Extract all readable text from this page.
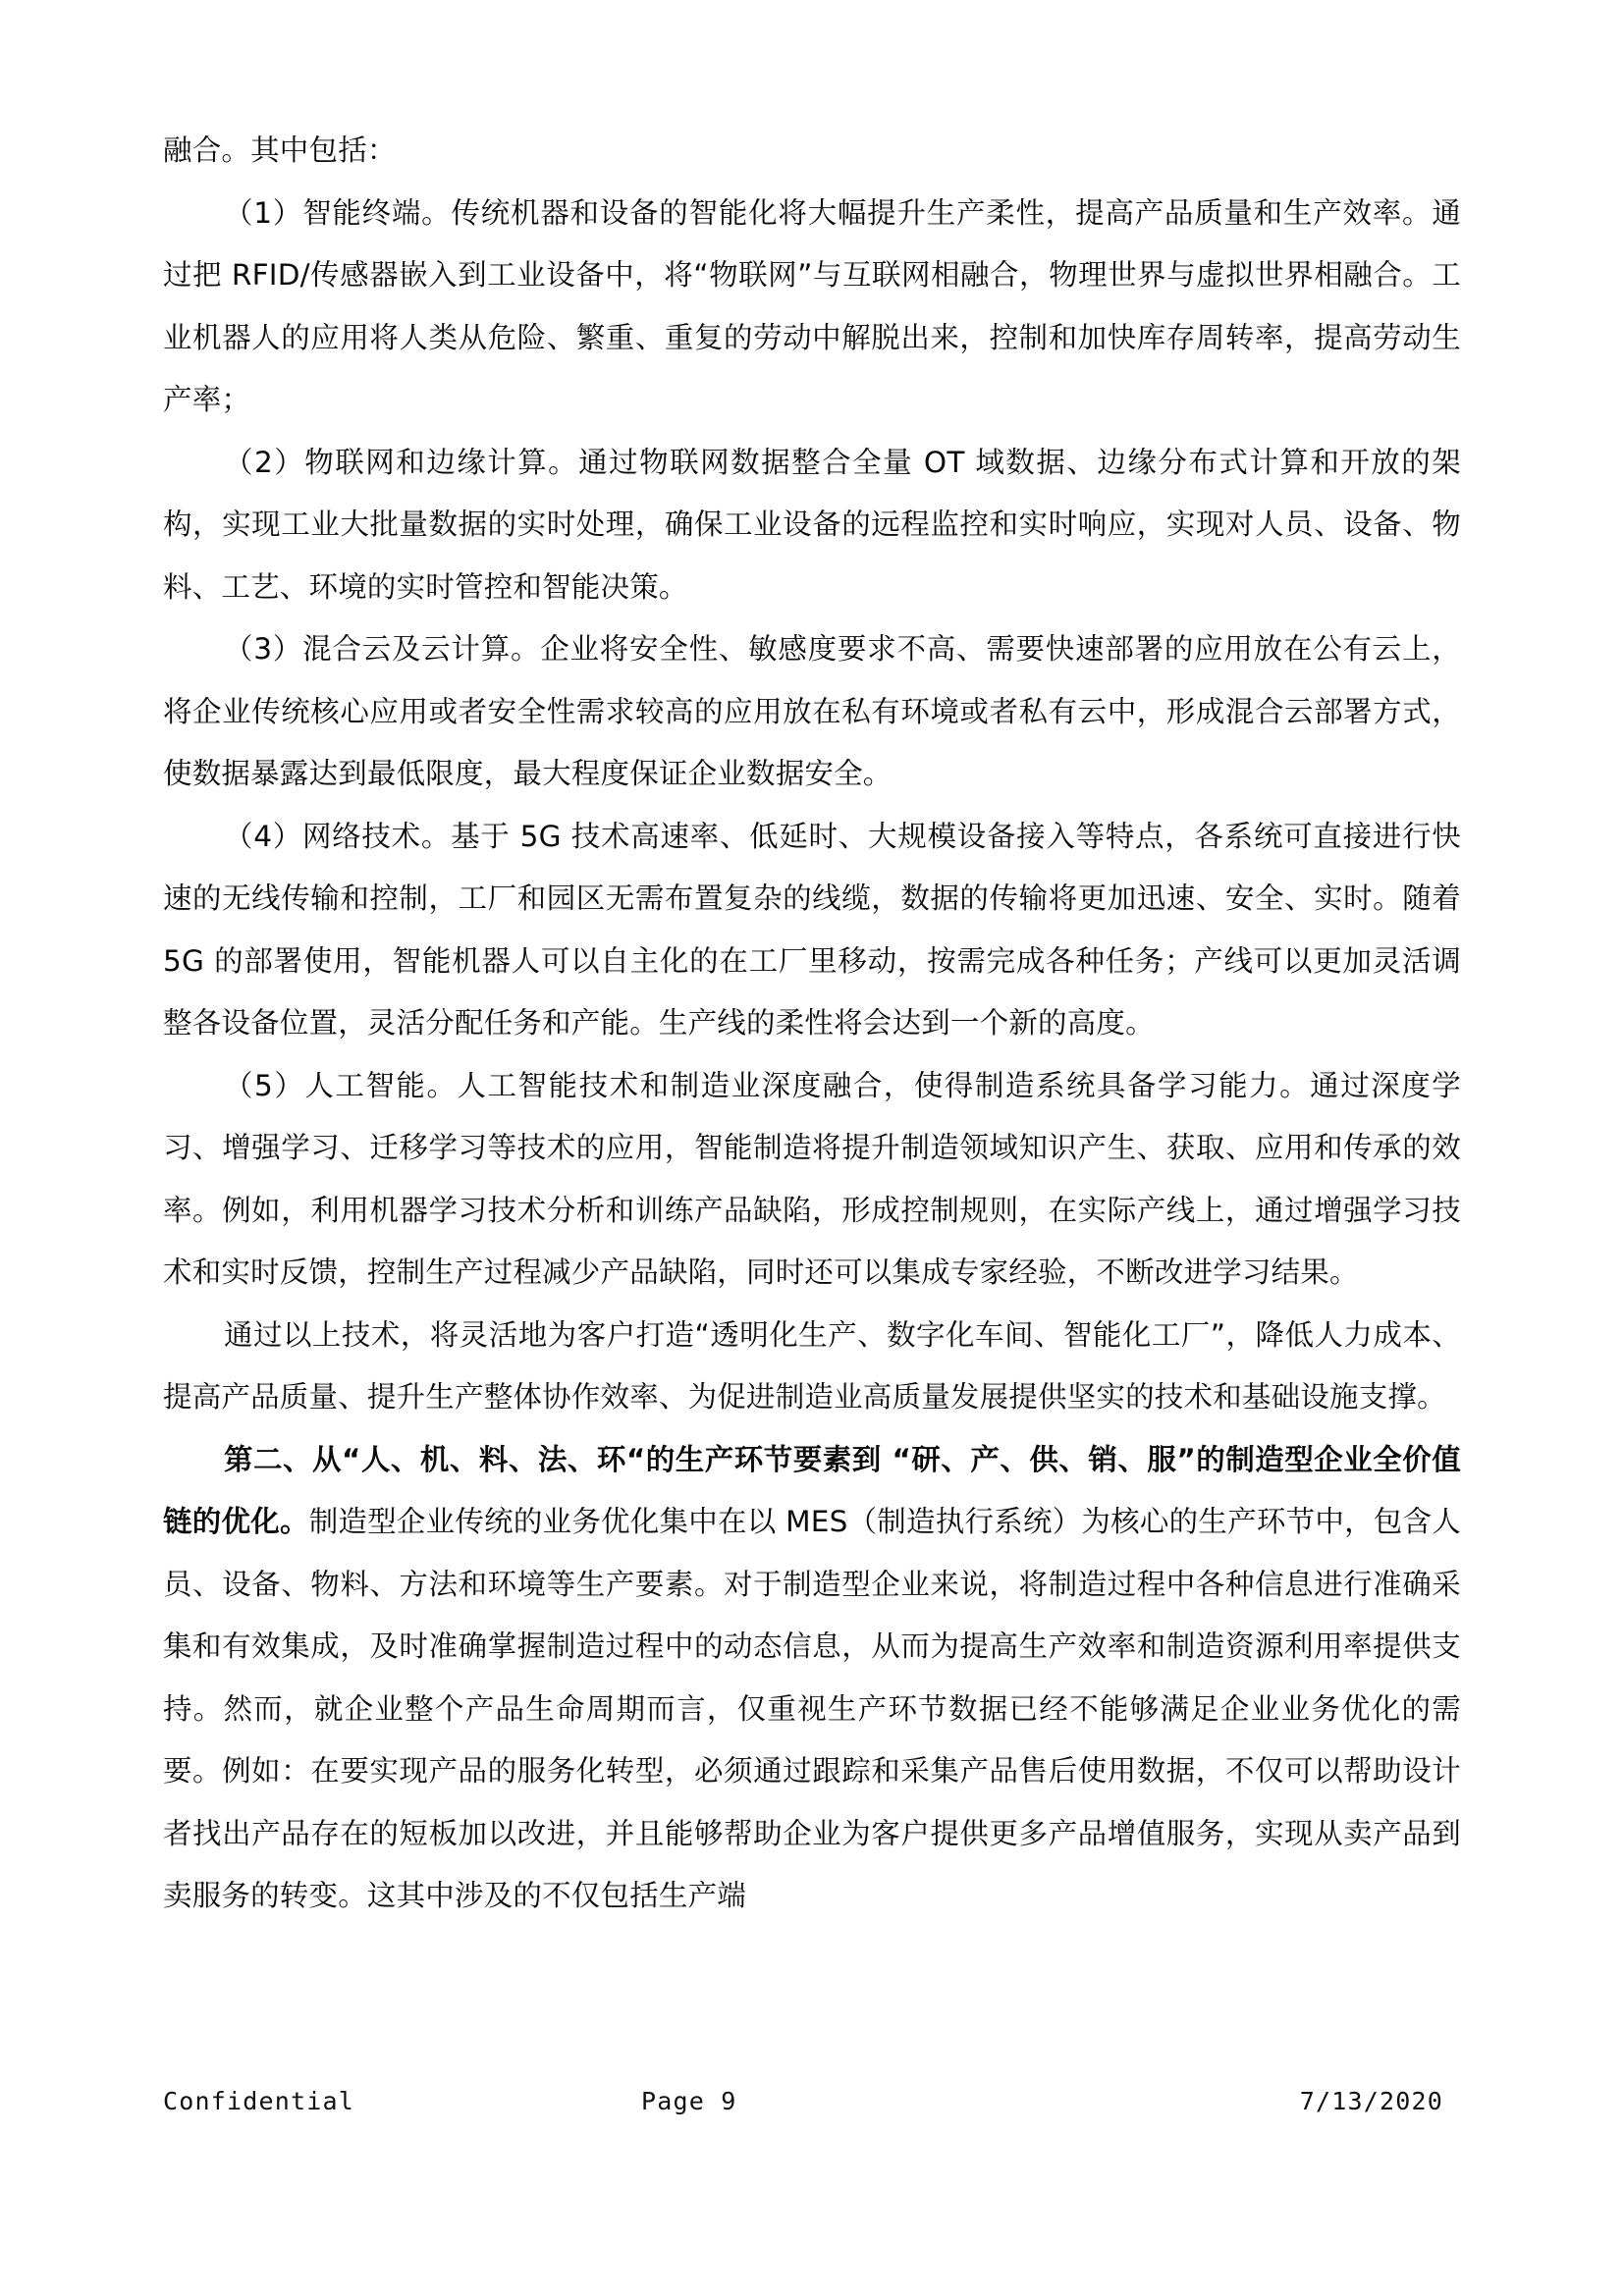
融合。其中包括：

（1）智能终端。传统机器和设备的智能化将大幅提升生产柔性，提高产品质量和生产效率。通过把 RFID/传感器嵌入到工业设备中，将“物联网”与互联网相融合，物理世界与虚拟世界相融合。工业机器人的应用将人类从危险、繁重、重复的劳动中解脱出来，控制和加快库存周转率，提高劳动生产率；

（2）物联网和边缘计算。通过物联网数据整合全量 OT 域数据、边缘分布式计算和开放的架构，实现工业大批量数据的实时处理，确保工业设备的远程监控和实时响应，实现对人员、设备、物料、工艺、环境的实时管控和智能决策。

（3）混合云及云计算。企业将安全性、敏感度要求不高、需要快速部署的应用放在公有云上，将企业传统核心应用或者安全性需求较高的应用放在私有环境或者私有云中，形成混合云部署方式，使数据暴露达到最低限度，最大程度保证企业数据安全。

（4）网络技术。基于 5G 技术高速率、低延时、大规模设备接入等特点，各系统可直接进行快速的无线传输和控制，工厂和园区无需布置复杂的线缆，数据的传输将更加迅速、安全、实时。随着 5G 的部署使用，智能机器人可以自主化的在工厂里移动，按需完成各种任务；产线可以更加灵活调整各设备位置，灵活分配任务和产能。生产线的柔性将会达到一个新的高度。

（5）人工智能。人工智能技术和制造业深度融合，使得制造系统具备学习能力。通过深度学习、增强学习、迁移学习等技术的应用，智能制造将提升制造领域知识产生、获取、应用和传承的效率。例如，利用机器学习技术分析和训练产品缺陷，形成控制规则，在实际产线上，通过增强学习技术和实时反馈，控制生产过程减少产品缺陷，同时还可以集成专家经验，不断改进学习结果。

通过以上技术，将灵活地为客户打造“透明化生产、数字化车间、智能化工厂”，降低人力成本、提高产品质量、提升生产整体协作效率、为促进制造业高质量发展提供坚实的技术和基础设施支撑。

第二、从“人、机、料、法、环“的生产环节要素到 “研、产、供、销、服”的制造型企业全价值链的优化。制造型企业传统的业务优化集中在以 MES（制造执行系统）为核心的生产环节中，包含人员、设备、物料、方法和环境等生产要素。对于制造型企业来说，将制造过程中各种信息进行准确采集和有效集成，及时准确掌握制造过程中的动态信息，从而为提高生产效率和制造资源利用率提供支持。然而，就企业整个产品生命周期而言，仅重视生产环节数据已经不能够满足企业业务优化的需要。例如：在要实现产品的服务化转型，必须通过跟踪和采集产品售后使用数据，不仅可以帮助设计者找出产品存在的短板加以改进，并且能够帮助企业为客户提供更多产品增值服务，实现从卖产品到卖服务的转变。这其中涉及的不仅包括生产端

Confidential	Page 9	7/13/2020
